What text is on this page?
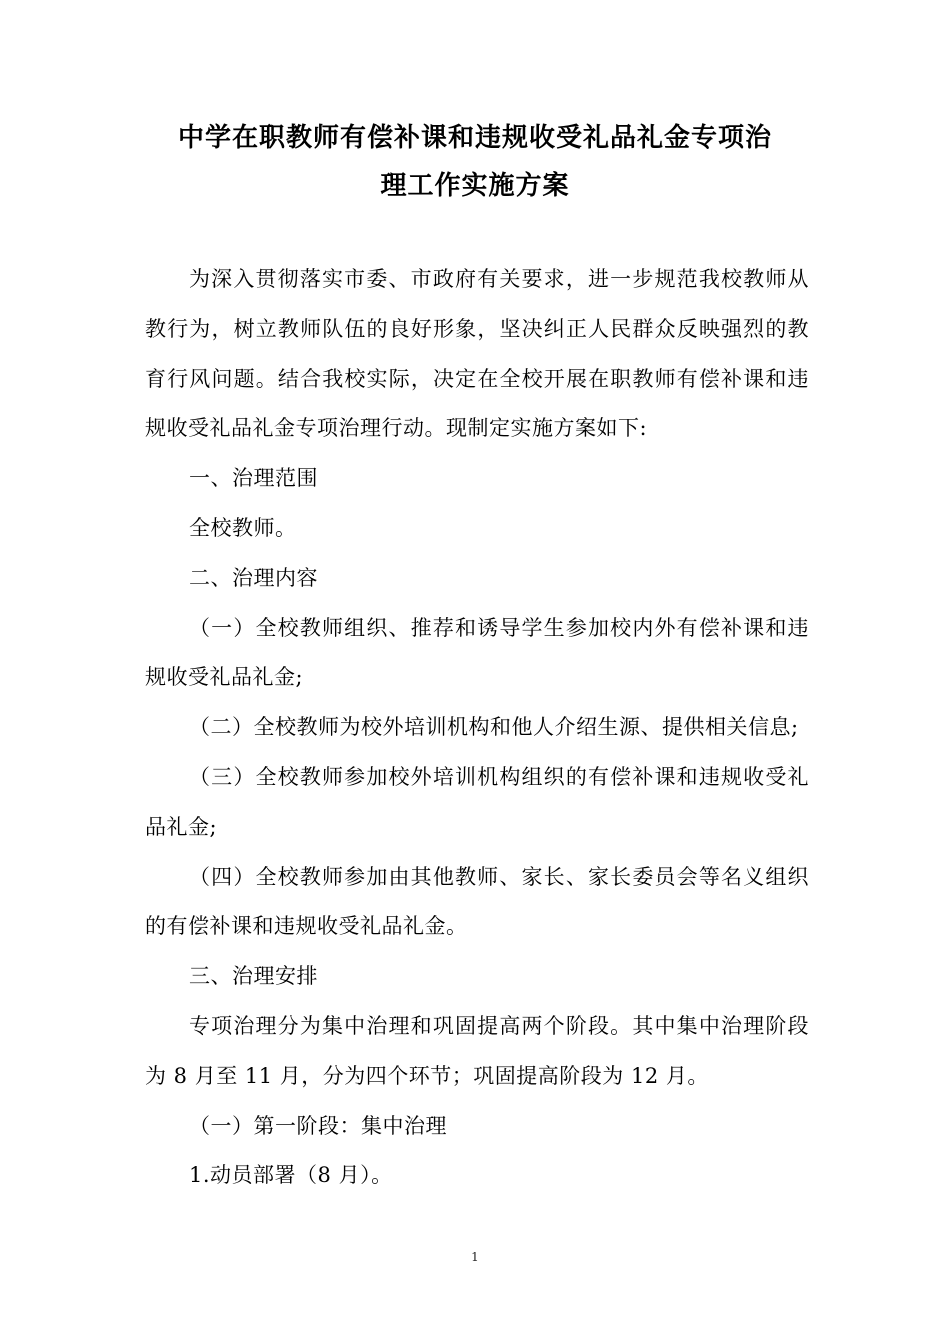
中学在职教师有偿补课和违规收受礼品礼金专项治
理工作实施方案

为深入贯彻落实市委、市政府有关要求，进一步规范我校教师从教行为，树立教师队伍的良好形象，坚决纠正人民群众反映强烈的教育行风问题。结合我校实际，决定在全校开展在职教师有偿补课和违规收受礼品礼金专项治理行动。现制定实施方案如下:

一、治理范围

全校教师。

二、治理内容

（一）全校教师组织、推荐和诱导学生参加校内外有偿补课和违规收受礼品礼金;

（二）全校教师为校外培训机构和他人介绍生源、提供相关信息;

（三）全校教师参加校外培训机构组织的有偿补课和违规收受礼品礼金;

（四）全校教师参加由其他教师、家长、家长委员会等名义组织的有偿补课和违规收受礼品礼金。

三、治理安排

专项治理分为集中治理和巩固提高两个阶段。其中集中治理阶段为 8 月至 11 月，分为四个环节；巩固提高阶段为 12 月。

（一）第一阶段：集中治理

1.动员部署（8 月）。

1
